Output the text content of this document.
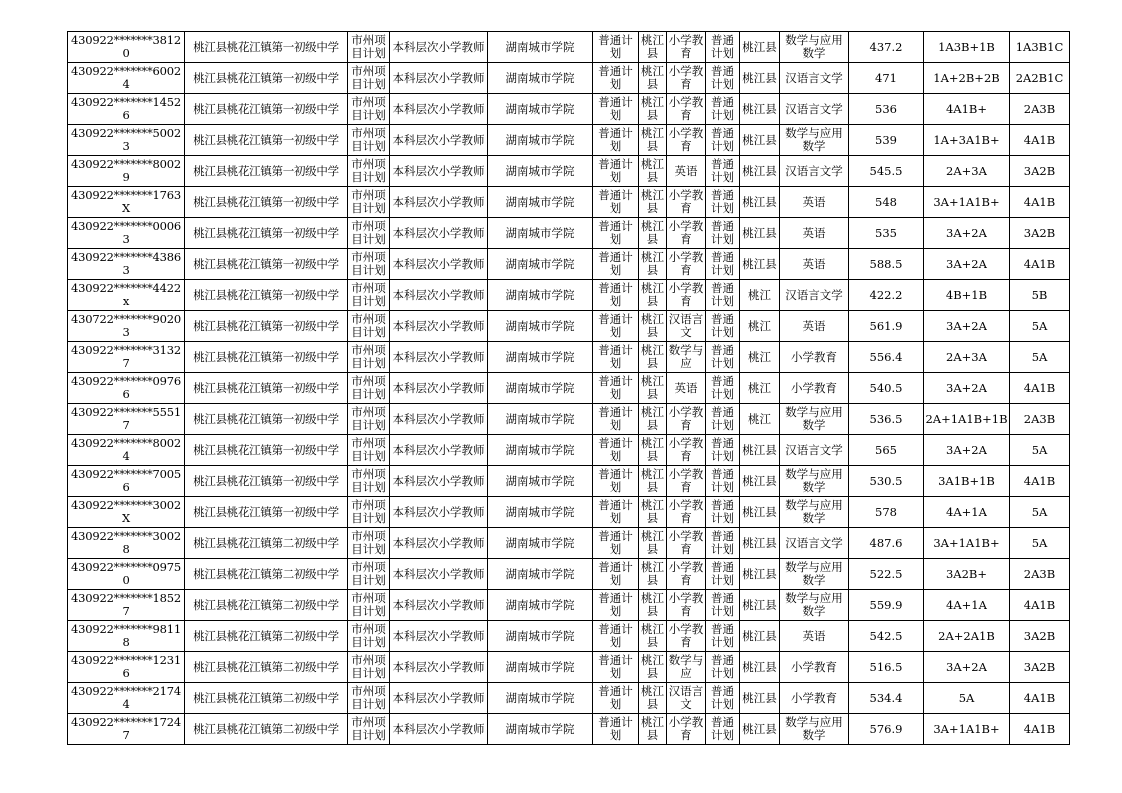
430922*******38120	桃江县桃花江镇第一初级中学	市州项目计划	本科层次小学教师	湖南城市学院	普通计划	桃江县	小学教育	普通计划	桃江县	数学与应用数学	437.2	1A3B+1B	1A3B1C
430922*******60024	桃江县桃花江镇第一初级中学	市州项目计划	本科层次小学教师	湖南城市学院	普通计划	桃江县	小学教育	普通计划	桃江县	汉语言文学	471	1A+2B+2B	2A2B1C
430922*******14526	桃江县桃花江镇第一初级中学	市州项目计划	本科层次小学教师	湖南城市学院	普通计划	桃江县	小学教育	普通计划	桃江县	汉语言文学	536	4A1B+	2A3B
430922*******50023	桃江县桃花江镇第一初级中学	市州项目计划	本科层次小学教师	湖南城市学院	普通计划	桃江县	小学教育	普通计划	桃江县	数学与应用数学	539	1A+3A1B+	4A1B
430922*******80029	桃江县桃花江镇第一初级中学	市州项目计划	本科层次小学教师	湖南城市学院	普通计划	桃江县	英语	普通计划	桃江县	汉语言文学	545.5	2A+3A	3A2B
430922*******1763X	桃江县桃花江镇第一初级中学	市州项目计划	本科层次小学教师	湖南城市学院	普通计划	桃江县	小学教育	普通计划	桃江县	英语	548	3A+1A1B+	4A1B
430922*******00063	桃江县桃花江镇第一初级中学	市州项目计划	本科层次小学教师	湖南城市学院	普通计划	桃江县	小学教育	普通计划	桃江县	英语	535	3A+2A	3A2B
430922*******43863	桃江县桃花江镇第一初级中学	市州项目计划	本科层次小学教师	湖南城市学院	普通计划	桃江县	小学教育	普通计划	桃江县	英语	588.5	3A+2A	4A1B
430922*******4422x	桃江县桃花江镇第一初级中学	市州项目计划	本科层次小学教师	湖南城市学院	普通计划	桃江县	小学教育	普通计划	桃江	汉语言文学	422.2	4B+1B	5B
430722*******90203	桃江县桃花江镇第一初级中学	市州项目计划	本科层次小学教师	湖南城市学院	普通计划	桃江县	汉语言文	普通计划	桃江	英语	561.9	3A+2A	5A
430922*******31327	桃江县桃花江镇第一初级中学	市州项目计划	本科层次小学教师	湖南城市学院	普通计划	桃江县	数学与应	普通计划	桃江	小学教育	556.4	2A+3A	5A
430922*******09766	桃江县桃花江镇第一初级中学	市州项目计划	本科层次小学教师	湖南城市学院	普通计划	桃江县	英语	普通计划	桃江	小学教育	540.5	3A+2A	4A1B
430922*******55517	桃江县桃花江镇第一初级中学	市州项目计划	本科层次小学教师	湖南城市学院	普通计划	桃江县	小学教育	普通计划	桃江	数学与应用数学	536.5	2A+1A1B+1B	2A3B
430922*******80024	桃江县桃花江镇第一初级中学	市州项目计划	本科层次小学教师	湖南城市学院	普通计划	桃江县	小学教育	普通计划	桃江县	汉语言文学	565	3A+2A	5A
430922*******70056	桃江县桃花江镇第一初级中学	市州项目计划	本科层次小学教师	湖南城市学院	普通计划	桃江县	小学教育	普通计划	桃江县	数学与应用数学	530.5	3A1B+1B	4A1B
430922*******3002X	桃江县桃花江镇第一初级中学	市州项目计划	本科层次小学教师	湖南城市学院	普通计划	桃江县	小学教育	普通计划	桃江县	数学与应用数学	578	4A+1A	5A
430922*******30028	桃江县桃花江镇第二初级中学	市州项目计划	本科层次小学教师	湖南城市学院	普通计划	桃江县	小学教育	普通计划	桃江县	汉语言文学	487.6	3A+1A1B+	5A
430922*******09750	桃江县桃花江镇第二初级中学	市州项目计划	本科层次小学教师	湖南城市学院	普通计划	桃江县	小学教育	普通计划	桃江县	数学与应用数学	522.5	3A2B+	2A3B
430922*******18527	桃江县桃花江镇第二初级中学	市州项目计划	本科层次小学教师	湖南城市学院	普通计划	桃江县	小学教育	普通计划	桃江县	数学与应用数学	559.9	4A+1A	4A1B
430922*******98118	桃江县桃花江镇第二初级中学	市州项目计划	本科层次小学教师	湖南城市学院	普通计划	桃江县	小学教育	普通计划	桃江县	英语	542.5	2A+2A1B	3A2B
430922*******12316	桃江县桃花江镇第二初级中学	市州项目计划	本科层次小学教师	湖南城市学院	普通计划	桃江县	数学与应	普通计划	桃江县	小学教育	516.5	3A+2A	3A2B
430922*******21744	桃江县桃花江镇第二初级中学	市州项目计划	本科层次小学教师	湖南城市学院	普通计划	桃江县	汉语言文	普通计划	桃江县	小学教育	534.4	5A	4A1B
430922*******17247	桃江县桃花江镇第二初级中学	市州项目计划	本科层次小学教师	湖南城市学院	普通计划	桃江县	小学教育	普通计划	桃江县	数学与应用数学	576.9	3A+1A1B+	4A1B
